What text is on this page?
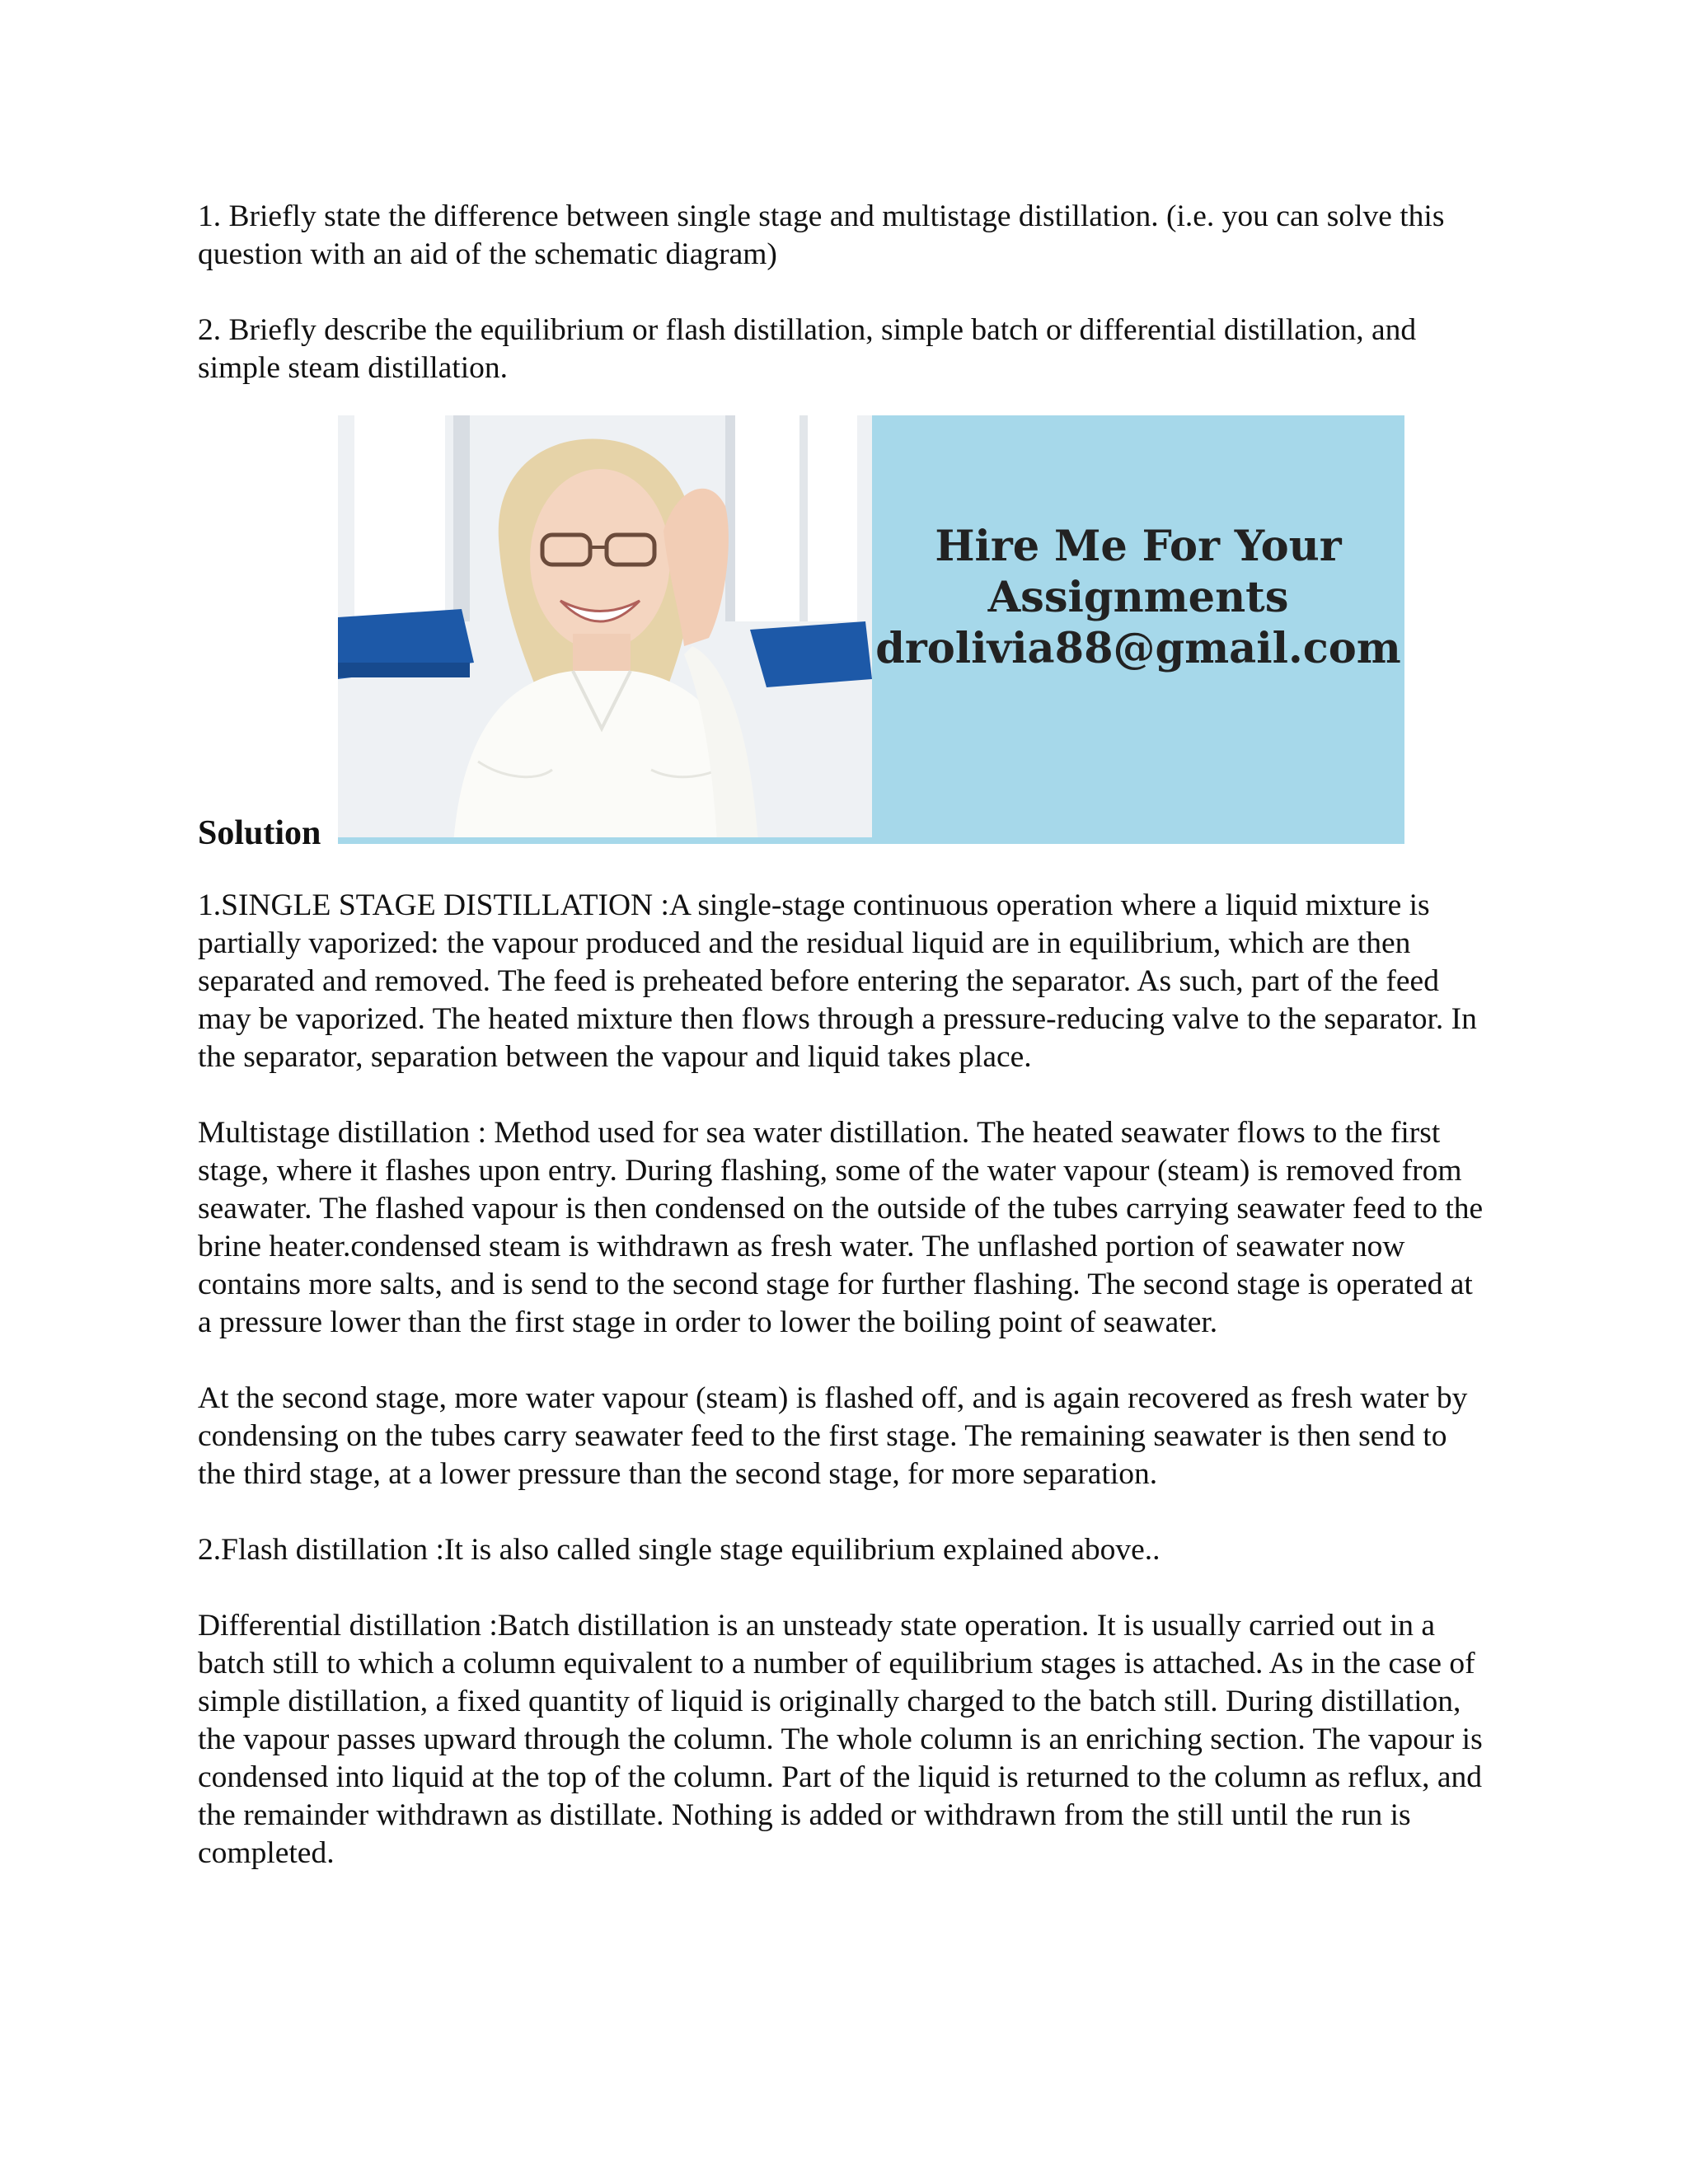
1. Briefly state the difference between single stage and multistage distillation. (i.e. you can solve this question with an aid of the schematic diagram)

2. Briefly describe the equilibrium or flash distillation, simple batch or differential distillation, and simple steam distillation.

Solution
Hire Me For Your
Assignments
drolivia88@gmail.com

1.SINGLE STAGE DISTILLATION :A single-stage continuous operation where a liquid mixture is partially vaporized: the vapour produced and the residual liquid are in equilibrium, which are then separated and removed. The feed is preheated before entering the separator. As such, part of the feed may be vaporized. The heated mixture then flows through a pressure-reducing valve to the separator. In the separator, separation between the vapour and liquid takes place.

Multistage distillation : Method used for sea water distillation. The heated seawater flows to the first stage, where it flashes upon entry. During flashing, some of the water vapour (steam) is removed from seawater. The flashed vapour is then condensed on the outside of the tubes carrying seawater feed to the brine heater.condensed steam is withdrawn as fresh water. The unflashed portion of seawater now contains more salts, and is send to the second stage for further flashing. The second stage is operated at a pressure lower than the first stage in order to lower the boiling point of seawater.

At the second stage, more water vapour (steam) is flashed off, and is again recovered as fresh water by condensing on the tubes carry seawater feed to the first stage. The remaining seawater is then send to the third stage, at a lower pressure than the second stage, for more separation.

2.Flash distillation :It is also called single stage equilibrium explained above..

Differential distillation :Batch distillation is an unsteady state operation. It is usually carried out in a batch still to which a column equivalent to a number of equilibrium stages is attached. As in the case of simple distillation, a fixed quantity of liquid is originally charged to the batch still. During distillation, the vapour passes upward through the column. The whole column is an enriching section. The vapour is condensed into liquid at the top of the column. Part of the liquid is returned to the column as reflux, and the remainder withdrawn as distillate. Nothing is added or withdrawn from the still until the run is completed.
